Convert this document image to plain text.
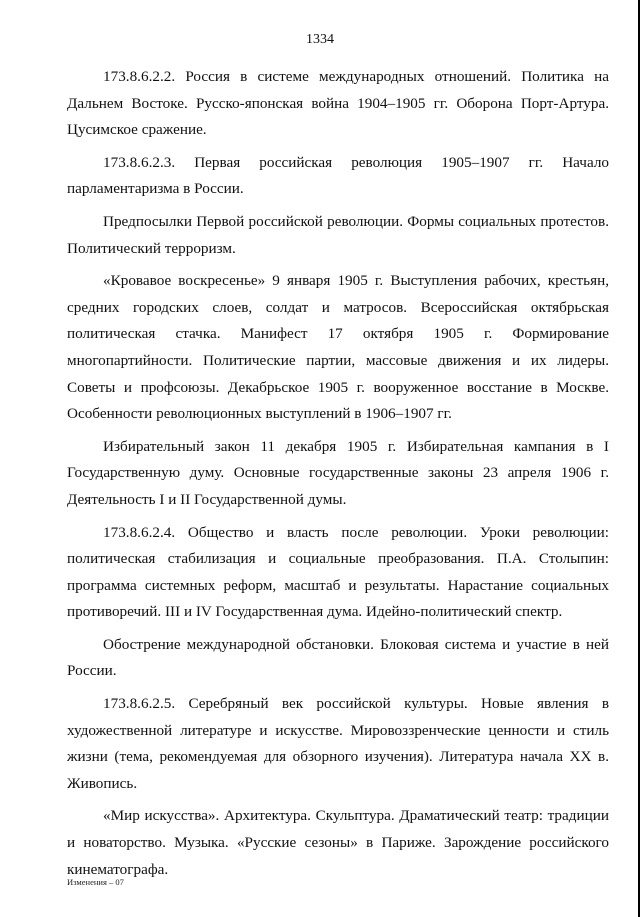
1334

173.8.6.2.2. Россия в системе международных отношений. Политика на Дальнем Востоке. Русско-японская война 1904–1905 гг. Оборона Порт-Артура. Цусимское сражение.

173.8.6.2.3. Первая российская революция 1905–1907 гг. Начало парламентаризма в России.

Предпосылки Первой российской революции. Формы социальных протестов. Политический терроризм.

«Кровавое воскресенье» 9 января 1905 г. Выступления рабочих, крестьян, средних городских слоев, солдат и матросов. Всероссийская октябрьская политическая стачка. Манифест 17 октября 1905 г. Формирование многопартийности. Политические партии, массовые движения и их лидеры. Советы и профсоюзы. Декабрьское 1905 г. вооруженное восстание в Москве. Особенности революционных выступлений в 1906–1907 гг.

Избирательный закон 11 декабря 1905 г. Избирательная кампания в I Государственную думу. Основные государственные законы 23 апреля 1906 г. Деятельность I и II Государственной думы.

173.8.6.2.4. Общество и власть после революции. Уроки революции: политическая стабилизация и социальные преобразования. П.А. Столыпин: программа системных реформ, масштаб и результаты. Нарастание социальных противоречий. III и IV Государственная дума. Идейно-политический спектр.

Обострение международной обстановки. Блоковая система и участие в ней России.

173.8.6.2.5. Серебряный век российской культуры. Новые явления в художественной литературе и искусстве. Мировоззренческие ценности и стиль жизни (тема, рекомендуемая для обзорного изучения). Литература начала XX в. Живопись.

«Мир искусства». Архитектура. Скульптура. Драматический театр: традиции и новаторство. Музыка. «Русские сезоны» в Париже. Зарождение российского кинематографа.

Изменения – 07
